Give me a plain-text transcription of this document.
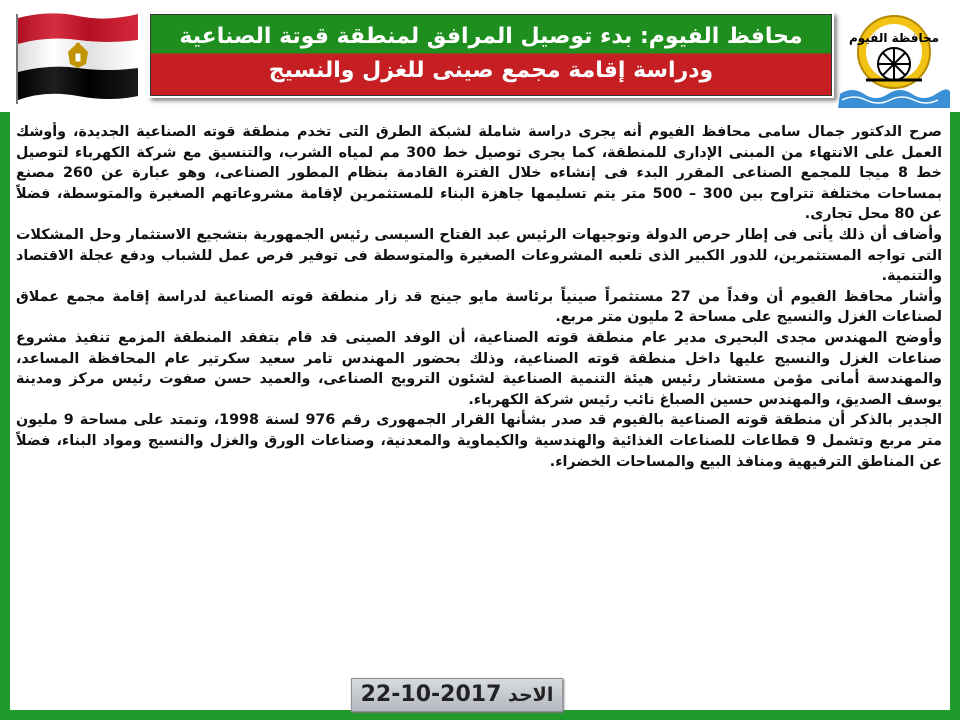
محافظ الفيوم: بدء توصيل المرافق لمنطقة قوتة الصناعية
ودراسة إقامة مجمع صينى للغزل والنسيج
محافظة الفيوم

صرح الدكتور جمال سامى محافظ الفيوم أنه يجرى دراسة شاملة لشبكة الطرق التى تخدم منطقة قوته الصناعية الجديدة، وأوشك العمل على الانتهاء من المبنى الإدارى للمنطقة، كما يجرى توصيل خط 300 مم لمياه الشرب، والتنسيق مع شركة الكهرباء لتوصيل خط 8 ميجا للمجمع الصناعى المقرر البدء فى إنشاءه خلال الفترة القادمة بنظام المطور الصناعى، وهو عبارة عن 260 مصنع بمساحات مختلفة تتراوح بين 300 – 500 متر يتم تسليمها جاهزة البناء للمستثمرين لإقامة مشروعاتهم الصغيرة والمتوسطة، فضلاً عن 80 محل تجارى.

وأضاف أن ذلك يأتى فى إطار حرص الدولة وتوجيهات الرئيس عبد الفتاح السيسى رئيس الجمهورية بتشجيع الاستثمار وحل المشكلات التى تواجه المستثمرين، للدور الكبير الذى تلعبه المشروعات الصغيرة والمتوسطة فى توفير فرص عمل للشباب ودفع عجلة الاقتصاد والتنمية.

وأشار محافظ الفيوم أن وفداً من 27 مستثمراً صينياً برئاسة مايو جينج قد زار منطقة قوته الصناعية لدراسة إقامة مجمع عملاق لصناعات الغزل والنسيج على مساحة 2 مليون متر مربع.

وأوضح المهندس مجدى البحيرى مدير عام منطقة قوته الصناعية، أن الوفد الصينى قد قام بتفقد المنطقة المزمع تنفيذ مشروع صناعات الغزل والنسيج عليها داخل منطقة قوته الصناعية، وذلك بحضور المهندس تامر سعيد سكرتير عام المحافظة المساعد، والمهندسة أمانى مؤمن مستشار رئيس هيئة التنمية الصناعية لشئون الترويج الصناعى، والعميد حسن صفوت رئيس مركز ومدينة يوسف الصديق، والمهندس حسين الصباغ نائب رئيس شركة الكهرباء.

الجدير بالذكر أن منطقة قوته الصناعية بالفيوم قد صدر بشأنها القرار الجمهورى رقم 976 لسنة 1998، وتمتد على مساحة 9 مليون متر مربع وتشمل 9 قطاعات للصناعات الغذائية والهندسية والكيماوية والمعدنية، وصناعات الورق والغزل والنسيج ومواد البناء، فضلاً عن المناطق الترفيهية ومنافذ البيع والمساحات الخضراء.

الاحد 2017-10-22
